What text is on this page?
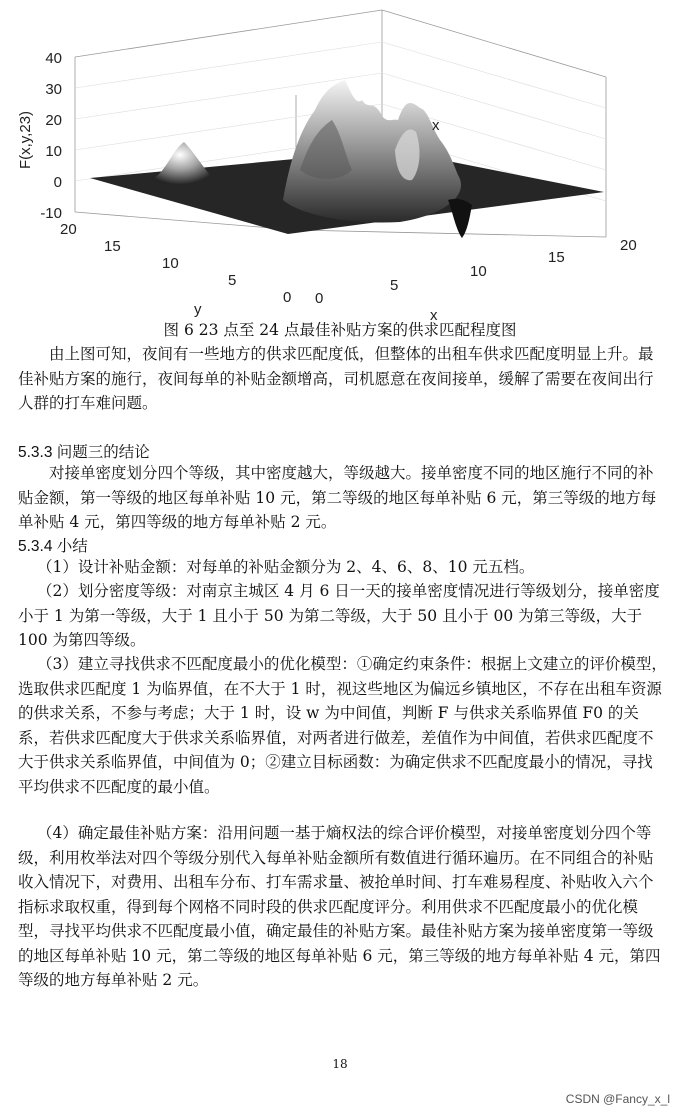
40
30
20
10
0
-10
20
15
10
5
0 0
5
10
15
20
F(x,y,23)
y	x
x
图 6 23 点至 24 点最佳补贴方案的供求匹配程度图
由上图可知，夜间有一些地方的供求匹配度低，但整体的出租车供求匹配度明显上升。最佳补贴方案的施行，夜间每单的补贴金额增高，司机愿意在夜间接单，缓解了需要在夜间出行人群的打车难问题。
5.3.3 问题三的结论
对接单密度划分四个等级，其中密度越大，等级越大。接单密度不同的地区施行不同的补贴金额，第一等级的地区每单补贴 10 元，第二等级的地区每单补贴 6 元，第三等级的地方每单补贴 4 元，第四等级的地方每单补贴 2 元。
5.3.4 小结
（1）设计补贴金额：对每单的补贴金额分为 2、4、6、8、10 元五档。
（2）划分密度等级：对南京主城区 4 月 6 日一天的接单密度情况进行等级划分，接单密度小于 1 为第一等级，大于 1 且小于 50 为第二等级，大于 50 且小于 00 为第三等级，大于 100 为第四等级。
（3）建立寻找供求不匹配度最小的优化模型：①确定约束条件：根据上文建立的评价模型，选取供求匹配度 1 为临界值，在不大于 1 时，视这些地区为偏远乡镇地区，不存在出租车资源的供求关系，不参与考虑；大于 1 时，设 w 为中间值，判断 F 与供求关系临界值 F0 的关系，若供求匹配度大于供求关系临界值，对两者进行做差，差值作为中间值，若供求匹配度不大于供求关系临界值，中间值为 0；②建立目标函数：为确定供求不匹配度最小的情况，寻找平均供求不匹配度的最小值。
（4）确定最佳补贴方案：沿用问题一基于熵权法的综合评价模型，对接单密度划分四个等级，利用枚举法对四个等级分别代入每单补贴金额所有数值进行循环遍历。在不同组合的补贴收入情况下，对费用、出租车分布、打车需求量、被抢单时间、打车难易程度、补贴收入六个指标求取权重，得到每个网格不同时段的供求匹配度评分。利用供求不匹配度最小的优化模型，寻找平均供求不匹配度最小值，确定最佳的补贴方案。最佳补贴方案为接单密度第一等级的地区每单补贴 10 元，第二等级的地区每单补贴 6 元，第三等级的地方每单补贴 4 元，第四等级的地方每单补贴 2 元。
18
CSDN @Fancy_x_l
